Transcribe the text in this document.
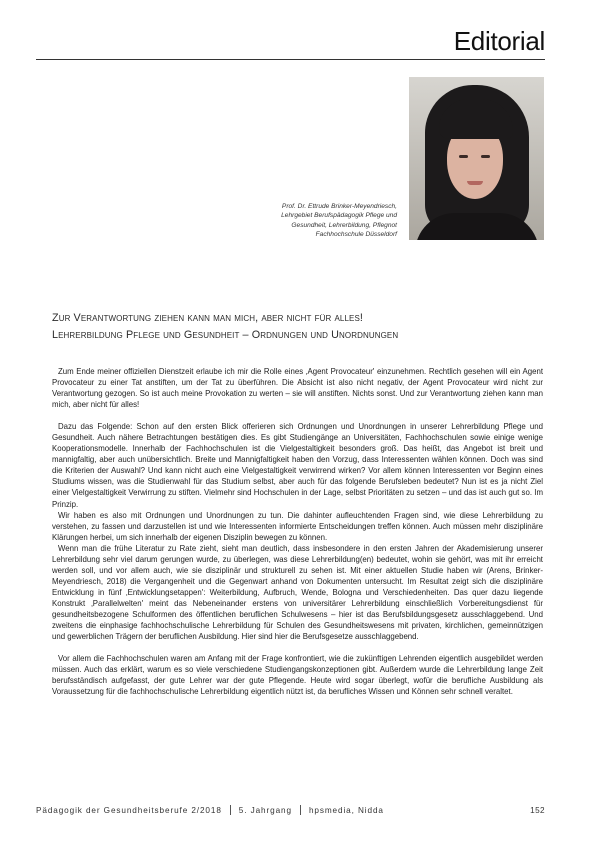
Editorial
Prof. Dr. Ettrude Brinker-Meyendriesch,
Lehrgebiet Berufspädagogik Pflege und
Gesundheit, Lehrerbildung, Pflegnot
Fachhochschule Düsseldorf
Zur Verantwortung ziehen kann man mich, aber nicht für alles!
Lehrerbildung Pflege und Gesundheit – Ordnungen und Unordnungen

Zum Ende meiner offiziellen Dienstzeit erlaube ich mir die Rolle eines ‚Agent Provocateur' einzunehmen. Rechtlich gesehen will ein Agent Provocateur zu einer Tat anstiften, um der Tat zu überführen. Die Absicht ist also nicht negativ, der Agent Provocateur wird nicht zur Verantwortung gezogen. So ist auch meine Provokation zu werten – sie will anstiften. Nichts sonst. Und zur Verantwortung ziehen kann man mich, aber nicht für alles!

Dazu das Folgende: Schon auf den ersten Blick offerieren sich Ordnungen und Unordnungen in unserer Lehrerbildung Pflege und Gesundheit. Auch nähere Betrachtungen bestätigen dies. Es gibt Studiengänge an Universitäten, Fachhochschulen sowie einige wenige Kooperationsmodelle. Innerhalb der Fachhochschulen ist die Vielgestaltigkeit besonders groß. Das heißt, das Angebot ist breit und mannigfaltig, aber auch unübersichtlich. Breite und Mannigfaltigkeit haben den Vorzug, dass Interessenten wählen können. Doch was sind die Kriterien der Auswahl? Und kann nicht auch eine Vielgestaltigkeit verwirrend wirken? Vor allem können Interessenten vor Beginn eines Studiums wissen, was die Studienwahl für das Studium selbst, aber auch für das folgende Berufsleben bedeutet? Nun ist es ja nicht Ziel einer Vielgestaltigkeit Verwirrung zu stiften. Vielmehr sind Hochschulen in der Lage, selbst Prioritäten zu setzen – und das ist auch gut so. Im Prinzip.

Wir haben es also mit Ordnungen und Unordnungen zu tun. Die dahinter aufleuchtenden Fragen sind, wie diese Lehrerbildung zu verstehen, zu fassen und darzustellen ist und wie Interessenten informierte Entscheidungen treffen können. Auch müssen mehr disziplinäre Klärungen herbei, um sich innerhalb der eigenen Disziplin bewegen zu können.

Wenn man die frühe Literatur zu Rate zieht, sieht man deutlich, dass insbesondere in den ersten Jahren der Akademisierung unserer Lehrerbildung sehr viel darum gerungen wurde, zu überlegen, was diese Lehrerbildung(en) bedeutet, wohin sie gehört, was mit ihr erreicht werden soll, und vor allem auch, wie sie disziplinär und strukturell zu sehen ist. Mit einer aktuellen Studie haben wir (Arens, Brinker-Meyendriesch, 2018) die Vergangenheit und die Gegenwart anhand von Dokumenten untersucht. Im Resultat zeigt sich die disziplinäre Entwicklung in fünf ‚Entwicklungsetappen': Weiterbildung, Aufbruch, Wende, Bologna und Verschiedenheiten. Das quer dazu liegende Konstrukt ‚Parallelwelten' meint das Nebeneinander erstens von universitärer Lehrerbildung einschließlich Vorbereitungsdienst für gesundheitsbezogene Schulformen des öffentlichen beruflichen Schulwesens – hier ist das Berufsbildungsgesetz ausschlaggebend. Und zweitens die einphasige fachhochschulische Lehrerbildung für Schulen des Gesundheitswesens mit privaten, kirchlichen, gemeinnützigen und gewerblichen Trägern der beruflichen Ausbildung. Hier sind hier die Berufsgesetze ausschlaggebend.

Vor allem die Fachhochschulen waren am Anfang mit der Frage konfrontiert, wie die zukünftigen Lehrenden eigentlich ausgebildet werden müssen. Auch das erklärt, warum es so viele verschiedene Studiengangskonzeptionen gibt. Außerdem wurde die Lehrerbildung lange Zeit berufsständisch aufgefasst, der gute Lehrer war der gute Pflegende. Heute wird sogar überlegt, wofür die berufliche Ausbildung als Voraussetzung für die fachhochschulische Lehrerbildung eigentlich nützt ist, da berufliches Wissen und Können sehr schnell veraltet.

Pädagogik der Gesundheitsberufe 2/2018 5. Jahrgang hpsmedia, Nidda	152
